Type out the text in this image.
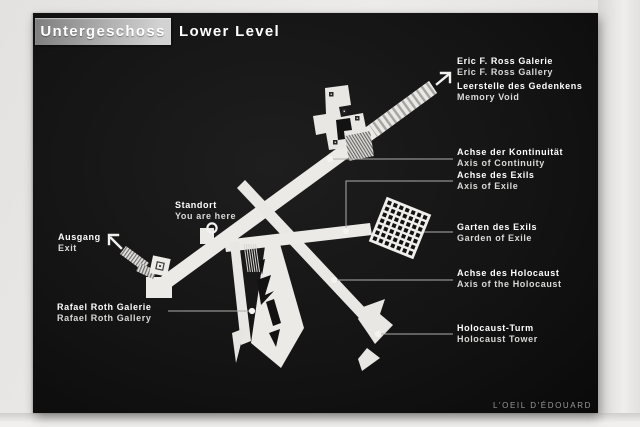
Untergeschoss Lower Level
Eric F. Ross Galerie
Eric F. Ross Gallery
Leerstelle des Gedenkens
Memory Void
Achse der Kontinuität
Axis of Continuity
Achse des Exils
Axis of Exile
Garten des Exils
Garden of Exile
Achse des Holocaust
Axis of the Holocaust
Holocaust-Turm
Holocaust Tower
Standort
You are here
Ausgang
Exit
Rafael Roth Galerie
Rafael Roth Gallery
L'OEIL D'ÉDOUARD
